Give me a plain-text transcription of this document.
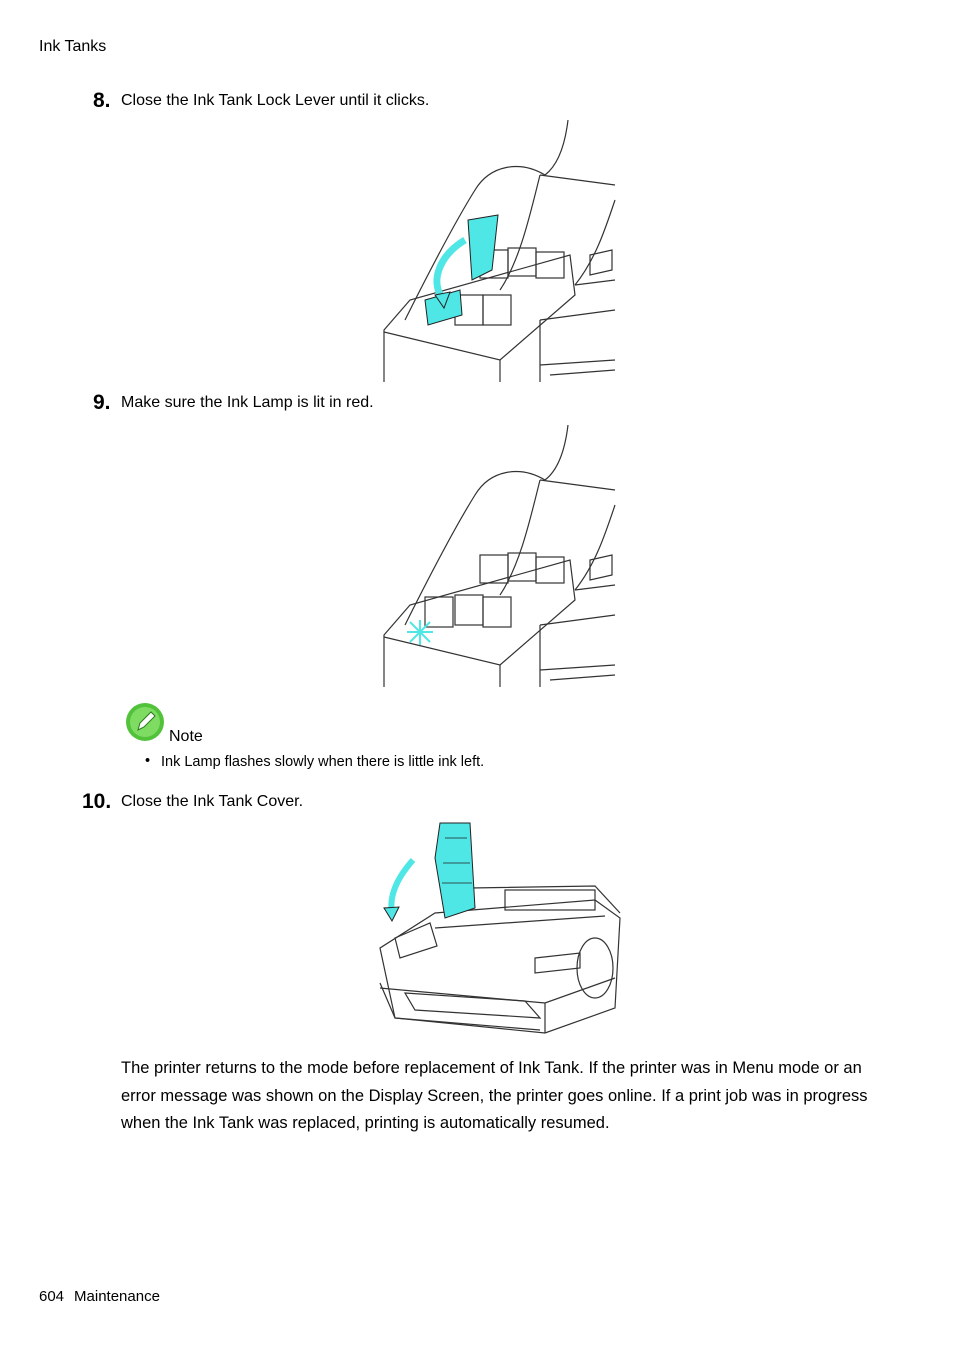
Ink Tanks
8. Close the Ink Tank Lock Lever until it clicks.
9. Make sure the Ink Lamp is lit in red.
Note
• Ink Lamp flashes slowly when there is little ink left.
10. Close the Ink Tank Cover.
The printer returns to the mode before replacement of Ink Tank. If the printer was in Menu mode or an error message was shown on the Display Screen, the printer goes online. If a print job was in progress when the Ink Tank was replaced, printing is automatically resumed.
604 Maintenance
